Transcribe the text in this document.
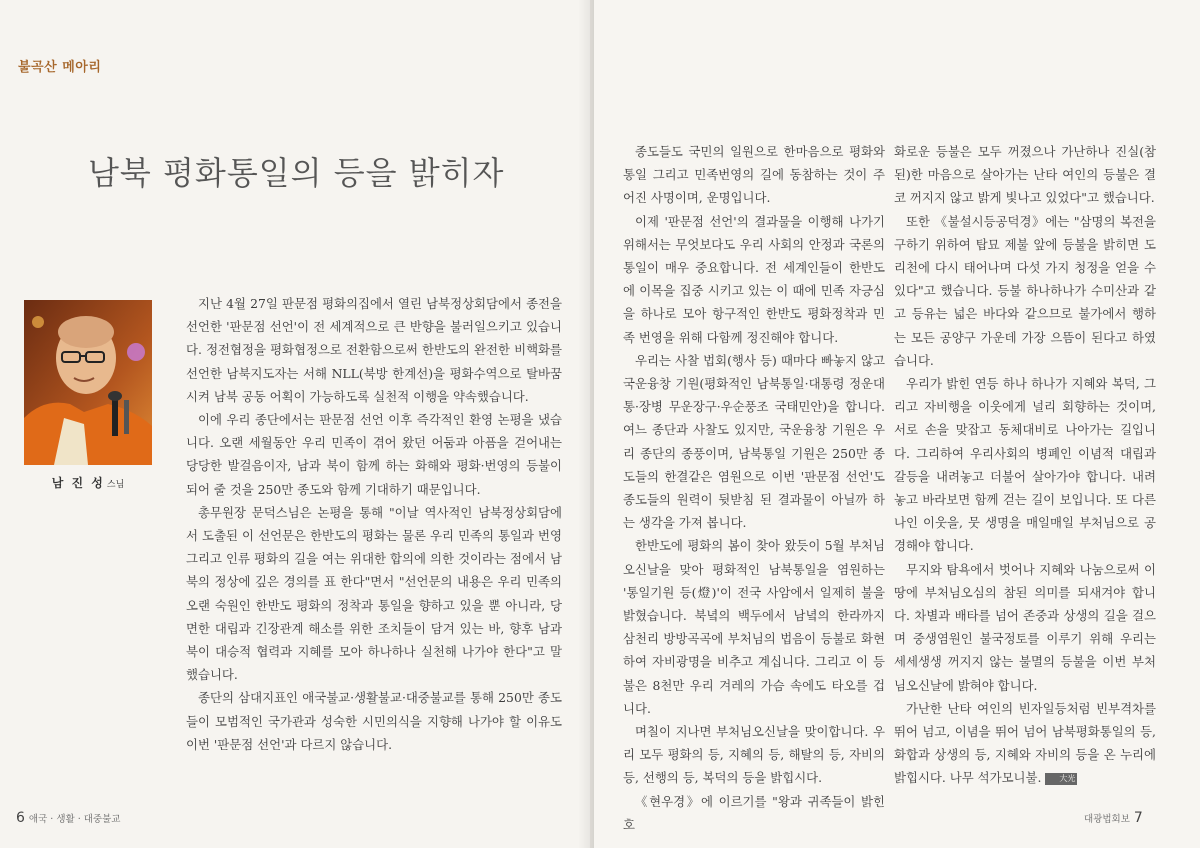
불곡산 메아리
남북 평화통일의 등을 밝히자
남 진 성 스님

지난 4월 27일 판문점 평화의집에서 열린 남북정상회담에서 종전을 선언한 '판문점 선언'이 전 세계적으로 큰 반향을 불러일으키고 있습니다. 정전협정을 평화협정으로 전환함으로써 한반도의 완전한 비핵화를 선언한 남북지도자는 서해 NLL(북방 한계선)을 평화수역으로 탈바꿈 시켜 남북 공동 어획이 가능하도록 실천적 이행을 약속했습니다.

이에 우리 종단에서는 판문점 선언 이후 즉각적인 환영 논평을 냈습니다. 오랜 세월동안 우리 민족이 겪어 왔던 어둠과 아픔을 걷어내는 당당한 발걸음이자, 남과 북이 함께 하는 화해와 평화·번영의 등불이 되어 줄 것을 250만 종도와 함께 기대하기 때문입니다.

총무원장 문덕스님은 논평을 통해 "이날 역사적인 남북정상회담에서 도출된 이 선언문은 한반도의 평화는 물론 우리 민족의 통일과 번영 그리고 인류 평화의 길을 여는 위대한 합의에 의한 것이라는 점에서 남북의 정상에 깊은 경의를 표 한다"면서 "선언문의 내용은 우리 민족의 오랜 숙원인 한반도 평화의 정착과 통일을 향하고 있을 뿐 아니라, 당면한 대립과 긴장관계 해소를 위한 조치들이 담겨 있는 바, 향후 남과 북이 대승적 협력과 지혜를 모아 하나하나 실천해 나가야 한다"고 말했습니다.

종단의 삼대지표인 애국불교·생활불교·대중불교를 통해 250만 종도들이 모범적인 국가관과 성숙한 시민의식을 지향해 나가야 할 이유도 이번 '판문점 선언'과 다르지 않습니다.

6 애국 · 생활 · 대중불교

종도들도 국민의 일원으로 한마음으로 평화와 통일 그리고 민족번영의 길에 동참하는 것이 주어진 사명이며, 운명입니다.

이제 '판문점 선언'의 결과물을 이행해 나가기 위해서는 무엇보다도 우리 사회의 안정과 국론의 통일이 매우 중요합니다. 전 세계인들이 한반도에 이목을 집중 시키고 있는 이 때에 민족 자긍심을 하나로 모아 항구적인 한반도 평화정착과 민족 번영을 위해 다함께 정진해야 합니다.

우리는 사찰 법회(행사 등) 때마다 빠놓지 않고 국운융창 기원(평화적인 남북통일·대통령 정운대통·장병 무운장구·우순풍조 국태민안)을 합니다. 여느 종단과 사찰도 있지만, 국운융창 기원은 우리 종단의 종풍이며, 남북통일 기원은 250만 종도들의 한결같은 염원으로 이번 '판문점 선언'도 종도들의 원력이 뒷받침 된 결과물이 아닐까 하는 생각을 가져 봅니다.

한반도에 평화의 봄이 찾아 왔듯이 5월 부처님오신날을 맞아 평화적인 남북통일을 염원하는 '통일기원 등(燈)'이 전국 사암에서 일제히 불을 밝혔습니다. 북녘의 백두에서 남녘의 한라까지 삼천리 방방곡곡에 부처님의 법음이 등불로 화현하여 자비광명을 비추고 계십니다. 그리고 이 등불은 8천만 우리 겨레의 가슴 속에도 타오를 겁니다.

며칠이 지나면 부처님오신날을 맞이합니다. 우리 모두 평화의 등, 지혜의 등, 해탈의 등, 자비의 등, 선행의 등, 복덕의 등을 밝힙시다.

《현우경》에 이르기를 "왕과 귀족들이 밝힌 호

화로운 등불은 모두 꺼졌으나 가난하나 진실(참된)한 마음으로 살아가는 난타 여인의 등불은 결코 꺼지지 않고 밝게 빛나고 있었다"고 했습니다.

또한 《불설시등공덕경》에는 "삼명의 복전을 구하기 위하여 탑묘 제불 앞에 등불을 밝히면 도리천에 다시 태어나며 다섯 가지 청정을 얻을 수 있다"고 했습니다. 등불 하나하나가 수미산과 같고 등유는 넓은 바다와 같으므로 불가에서 행하는 모든 공양구 가운데 가장 으뜸이 된다고 하였습니다.

우리가 밝힌 연등 하나 하나가 지혜와 복덕, 그리고 자비행을 이웃에게 널리 회향하는 것이며, 서로 손을 맞잡고 동체대비로 나아가는 길입니다. 그리하여 우리사회의 병폐인 이념적 대립과 갈등을 내려놓고 더불어 살아가야 합니다. 내려놓고 바라보면 함께 걷는 길이 보입니다. 또 다른 나인 이웃을, 뭇 생명을 매일매일 부처님으로 공경해야 합니다.

무지와 탐욕에서 벗어나 지혜와 나눔으로써 이 땅에 부처님오심의 참된 의미를 되새겨야 합니다. 차별과 배타를 넘어 존중과 상생의 길을 걸으며 중생염원인 불국정토를 이루기 위해 우리는 세세생생 꺼지지 않는 불멸의 등불을 이번 부처님오신날에 밝혀야 합니다.

가난한 난타 여인의 빈자일등처럼 빈부격차를 뛰어 넘고, 이념을 뛰어 넘어 남북평화통일의 등, 화합과 상생의 등, 지혜와 자비의 등을 온 누리에 밝힙시다. 나무 석가모니불. 大光

대광법회보 7
